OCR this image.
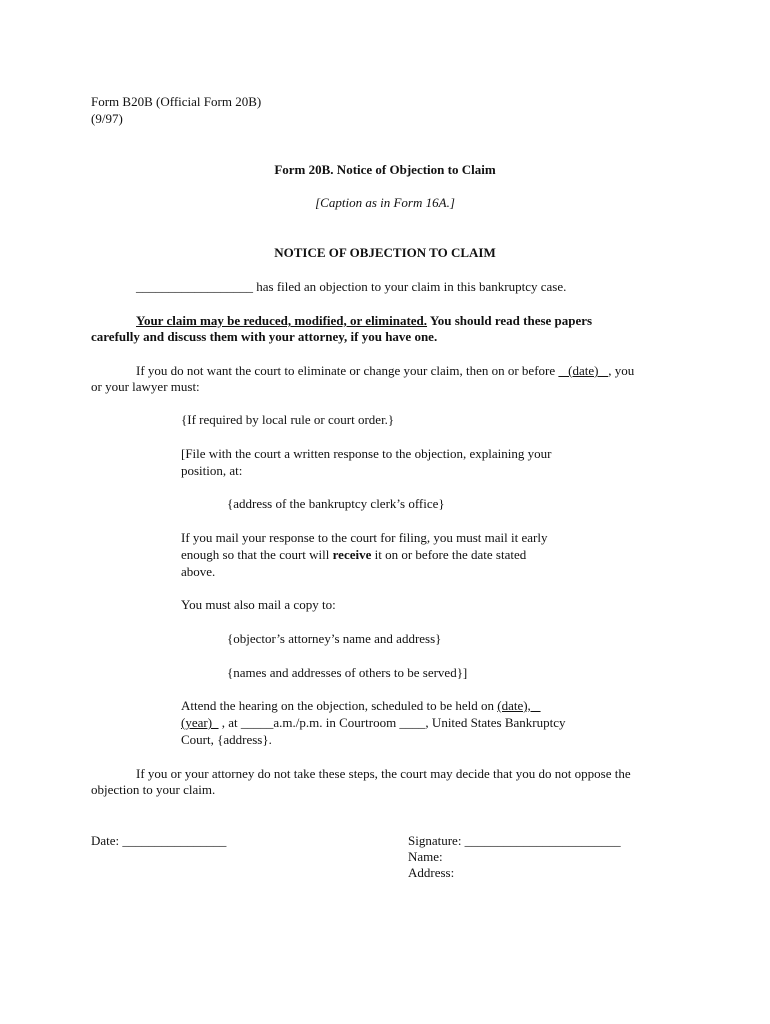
Form B20B (Official Form 20B)
(9/97)
Form 20B. Notice of Objection to Claim
[Caption as in Form 16A.]
NOTICE OF OBJECTION TO CLAIM
__________________ has filed an objection to your claim in this bankruptcy case.
Your claim may be reduced, modified, or eliminated. You should read these papers
carefully and discuss them with your attorney, if you have one.
If you do not want the court to eliminate or change your claim, then on or before    (date)   , you
or your lawyer must:
{If required by local rule or court order.}
[File with the court a written response to the objection, explaining your
position, at:
{address of the bankruptcy clerk’s office}
If you mail your response to the court for filing, you must mail it early
enough so that the court will receive it on or before the date stated
above.
You must also mail a copy to:
{objector’s attorney’s name and address}
{names and addresses of others to be served}]
Attend the hearing on the objection, scheduled to be held on (date),
(year)   , at _____a.m./p.m. in Courtroom ____, United States Bankruptcy
Court, {address}.
If you or your attorney do not take these steps, the court may decide that you do not oppose the
objection to your claim.
Date: ________________	Signature: ________________________
Name:
Address:
